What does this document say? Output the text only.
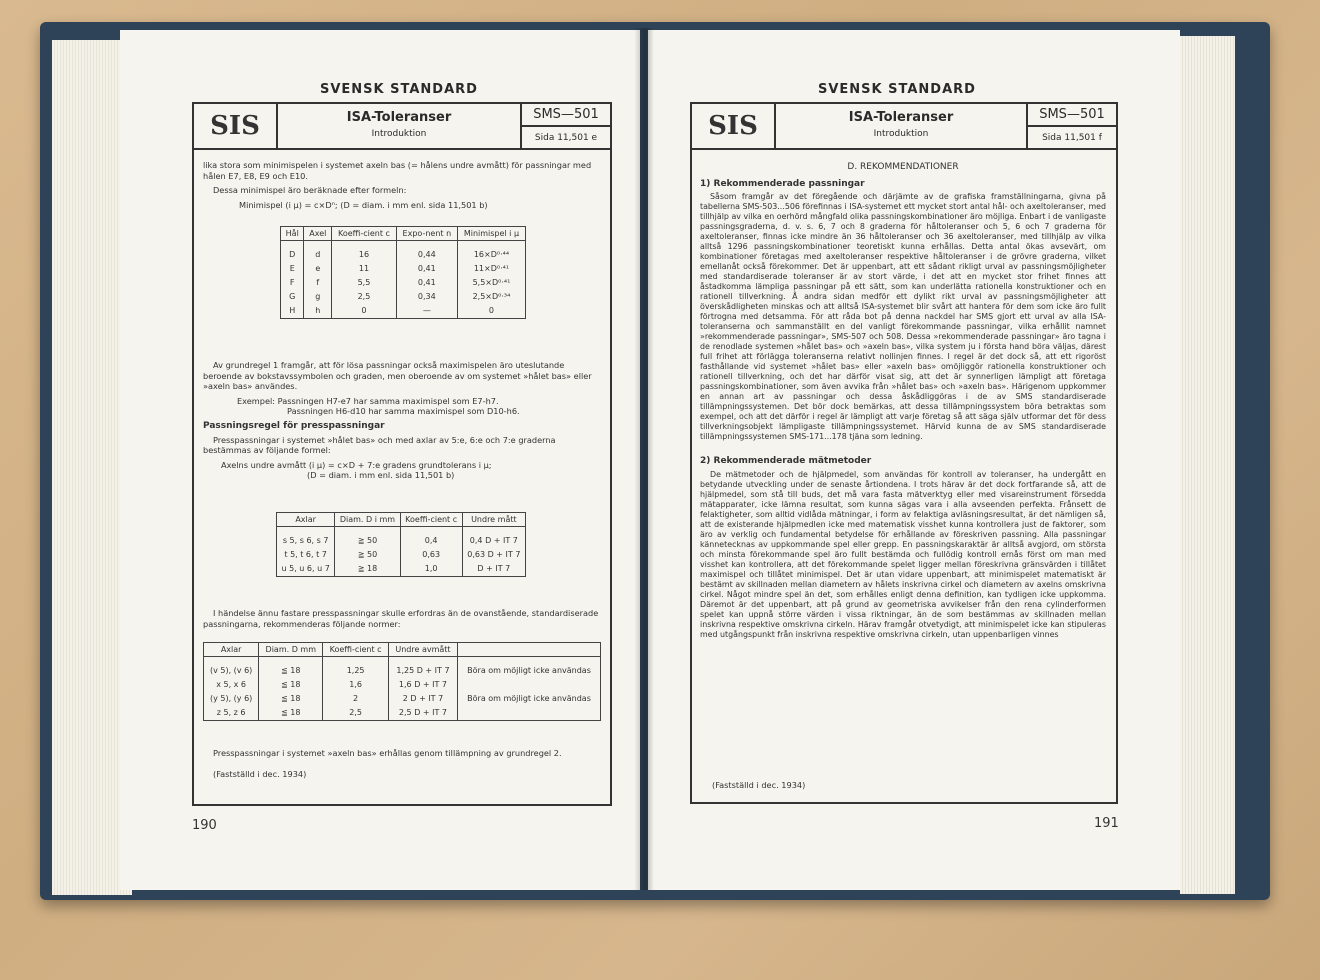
SVENSK STANDARD
SIS	ISA-Toleranser
Introduktion
SMS—501
Sida 11,501 e

lika stora som minimispelen i systemet axeln bas (= hålens undre avmått) för passningar med hålen E7, E8, E9 och E10.

Dessa minimispel äro beräknade efter formeln:

Minimispel (i µ) = c×Dⁿ; (D = diam. i mm enl. sida 11,501 b)

Hål	Axel	Koeffi-cient c	Expo-nent n	Minimispel i µ
D	d	16	0,44	16×D⁰·⁴⁴
E	e	11	0,41	11×D⁰·⁴¹
F	f	5,5	0,41	5,5×D⁰·⁴¹
G	g	2,5	0,34	2,5×D⁰·³⁴
H	h	0	—	0

Av grundregel 1 framgår, att för lösa passningar också maximispelen äro uteslutande beroende av bokstavssymbolen och graden, men oberoende av om systemet »hålet bas» eller »axeln bas» användes.

Exempel: Passningen H7-e7 har samma maximispel som E7-h7.

Passningen H6-d10 har samma maximispel som D10-h6.

Passningsregel för presspassningar

Presspassningar i systemet »hålet bas» och med axlar av 5:e, 6:e och 7:e graderna bestämmas av följande formel:

Axelns undre avmått (i µ) = c×D + 7:e gradens grundtolerans i µ;

(D = diam. i mm enl. sida 11,501 b)

Axlar	Diam. D i mm	Koeffi-cient c	Undre mått
s 5, s 6, s 7	≧ 50	0,4	0,4 D + IT 7
t 5, t 6, t 7	≧ 50	0,63	0,63 D + IT 7
u 5, u 6, u 7	≧ 18	1,0	D + IT 7

I händelse ännu fastare presspassningar skulle erfordras än de ovanstående, standardiserade passningarna, rekommenderas följande normer:

Axlar	Diam. D mm	Koeffi-cient c	Undre avmått	
(v 5), (v 6)	≦ 18	1,25	1,25 D + IT 7	Böra om möjligt icke användas
x 5, x 6	≦ 18	1,6	1,6 D + IT 7	
(y 5), (y 6)	≦ 18	2	2 D + IT 7	Böra om möjligt icke användas
z 5, z 6	≦ 18	2,5	2,5 D + IT 7	

Presspassningar i systemet »axeln bas» erhållas genom tillämpning av grundregel 2.

(Fastställd i dec. 1934)

190
SVENSK STANDARD
SIS	ISA-Toleranser
Introduktion
SMS—501
Sida 11,501 f
D. REKOMMENDATIONER
1) Rekommenderade passningar

Såsom framgår av det föregående och därjämte av de grafiska framställningarna, givna på tabellerna SMS-503...506 förefinnas i ISA-systemet ett mycket stort antal hål- och axeltoleranser, med tillhjälp av vilka en oerhörd mångfald olika passningskombinationer äro möjliga. Enbart i de vanligaste passningsgraderna, d. v. s. 6, 7 och 8 graderna för håltoleranser och 5, 6 och 7 graderna för axeltoleranser, finnas icke mindre än 36 håltoleranser och 36 axeltoleranser, med tillhjälp av vilka alltså 1296 passningskombinationer teoretiskt kunna erhållas. Detta antal ökas avsevärt, om kombinationer företagas med axeltoleranser respektive håltoleranser i de grövre graderna, vilket emellanåt också förekommer. Det är uppenbart, att ett sådant rikligt urval av passningsmöjligheter med standardiserade toleranser är av stort värde, i det att en mycket stor frihet finnes att åstadkomma lämpliga passningar på ett sätt, som kan underlätta rationella konstruktioner och en rationell tillverkning. Å andra sidan medför ett dylikt rikt urval av passningsmöjligheter att överskådligheten minskas och att alltså ISA-systemet blir svårt att hantera för dem som icke äro fullt förtrogna med detsamma. För att råda bot på denna nackdel har SMS gjort ett urval av alla ISA-toleranserna och sammanställt en del vanligt förekommande passningar, vilka erhållit namnet »rekommenderade passningar», SMS-507 och 508. Dessa »rekommenderade passningar» äro tagna i de renodlade systemen »hålet bas» och »axeln bas», vilka system ju i första hand böra väljas, därest full frihet att förlägga toleranserna relativt nollinjen finnes. I regel är det dock så, att ett rigoröst fasthållande vid systemet »hålet bas» eller »axeln bas» omöjliggör rationella konstruktioner och rationell tillverkning, och det har därför visat sig, att det är synnerligen lämpligt att företaga passningskombinationer, som även avvika från »hålet bas» och »axeln bas». Härigenom uppkommer en annan art av passningar och dessa åskådliggöras i de av SMS standardiserade tillämpningssystemen. Det bör dock bemärkas, att dessa tillämpningssystem böra betraktas som exempel, och att det därför i regel är lämpligt att varje företag så att säga själv utformar det för dess tillverkningsobjekt lämpligaste tillämpningssystemet. Härvid kunna de av SMS standardiserade tillämpningssystemen SMS-171...178 tjäna som ledning.

2) Rekommenderade mätmetoder

De mätmetoder och de hjälpmedel, som användas för kontroll av toleranser, ha undergått en betydande utveckling under de senaste årtiondena. I trots härav är det dock fortfarande så, att de hjälpmedel, som stå till buds, det må vara fasta mätverktyg eller med visareinstrument försedda mätapparater, icke lämna resultat, som kunna sägas vara i alla avseenden perfekta. Frånsett de felaktigheter, som alltid vidlåda mätningar, i form av felaktiga avläsningsresultat, är det nämligen så, att de existerande hjälpmedlen icke med matematisk visshet kunna kontrollera just de faktorer, som äro av verklig och fundamental betydelse för erhållande av föreskriven passning. Alla passningar kännetecknas av uppkommande spel eller grepp. En passningskaraktär är alltså avgjord, om största och minsta förekommande spel äro fullt bestämda och fullödig kontroll ernås först om man med visshet kan kontrollera, att det förekommande spelet ligger mellan föreskrivna gränsvärden i tillåtet maximispel och tillåtet minimispel. Det är utan vidare uppenbart, att minimispelet matematiskt är bestämt av skillnaden mellan diametern av hålets inskrivna cirkel och diametern av axelns omskrivna cirkel. Något mindre spel än det, som erhålles enligt denna definition, kan tydligen icke uppkomma. Däremot är det uppenbart, att på grund av geometriska avvikelser från den rena cylinderformen spelet kan uppnå större värden i vissa riktningar, än de som bestämmas av skillnaden mellan inskrivna respektive omskrivna cirkeln. Härav framgår otvetydigt, att minimispelet icke kan stipuleras med utgångspunkt från inskrivna respektive omskrivna cirkeln, utan uppenbarligen vinnes

(Fastställd i dec. 1934)
191
